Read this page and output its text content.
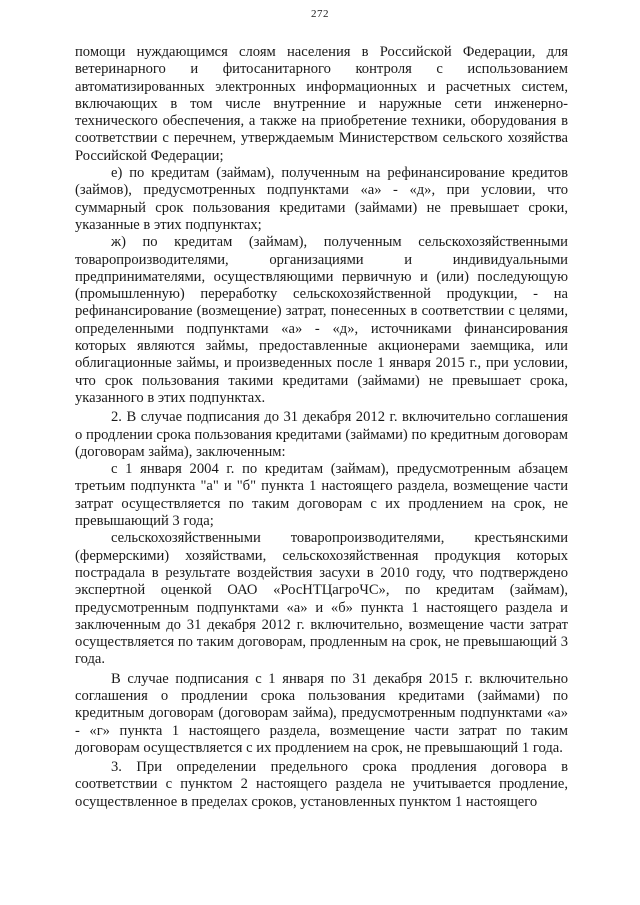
272

помощи нуждающимся слоям населения в Российской Федерации, для ветеринарного и фитосанитарного контроля с использованием автоматизированных электронных информационных и расчетных систем, включающих в том числе внутренние и наружные сети инженерно-технического обеспечения, а также на приобретение техники, оборудования в соответствии с перечнем, утверждаемым Министерством сельского хозяйства Российской Федерации;

е) по кредитам (займам), полученным на рефинансирование кредитов (займов), предусмотренных подпунктами «а» - «д», при условии, что суммарный срок пользования кредитами (займами) не превышает сроки, указанные в этих подпунктах;

ж) по кредитам (займам), полученным сельскохозяйственными товаропроизводителями, организациями и индивидуальными предпринимателями, осуществляющими первичную и (или) последующую (промышленную) переработку сельскохозяйственной продукции, - на рефинансирование (возмещение) затрат, понесенных в соответствии с целями, определенными подпунктами «а» - «д», источниками финансирования которых являются займы, предоставленные акционерами заемщика, или облигационные займы, и произведенных после 1 января 2015 г., при условии, что срок пользования такими кредитами (займами) не превышает срока, указанного в этих подпунктах.

2. В случае подписания до 31 декабря 2012 г. включительно соглашения о продлении срока пользования кредитами (займами) по кредитным договорам (договорам займа), заключенным:

с 1 января 2004 г. по кредитам (займам), предусмотренным абзацем третьим подпункта "а" и "б" пункта 1 настоящего раздела, возмещение части затрат осуществляется по таким договорам с их продлением на срок, не превышающий 3 года;

сельскохозяйственными товаропроизводителями, крестьянскими (фермерскими) хозяйствами, сельскохозяйственная продукция которых пострадала в результате воздействия засухи в 2010 году, что подтверждено экспертной оценкой ОАО «РосНТЦагроЧС», по кредитам (займам), предусмотренным подпунктами «а» и «б» пункта 1 настоящего раздела и заключенным до 31 декабря 2012 г. включительно, возмещение части затрат осуществляется по таким договорам, продленным на срок, не превышающий 3 года.

В случае подписания с 1 января по 31 декабря 2015 г. включительно соглашения о продлении срока пользования кредитами (займами) по кредитным договорам (договорам займа), предусмотренным подпунктами «а» - «г» пункта 1 настоящего раздела, возмещение части затрат по таким договорам осуществляется с их продлением на срок, не превышающий 1 года.

3. При определении предельного срока продления договора в соответствии с пунктом 2 настоящего раздела не учитывается продление, осуществленное в пределах сроков, установленных пунктом 1 настоящего
